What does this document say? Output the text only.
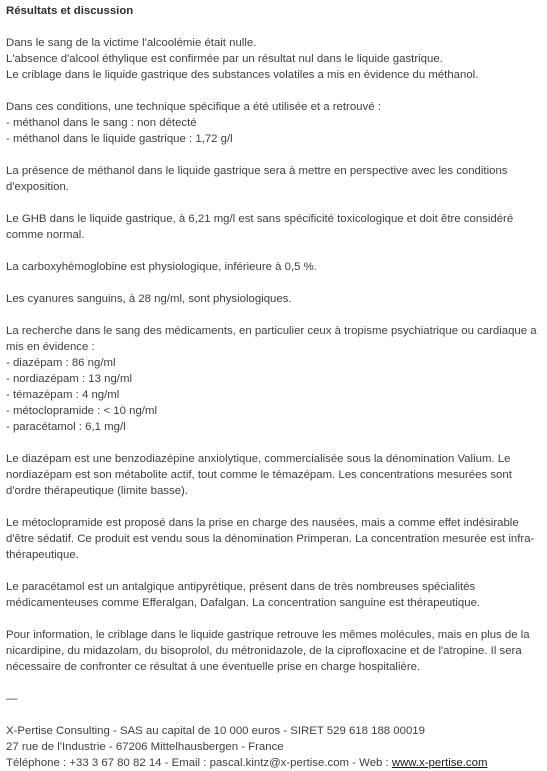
Résultats et discussion

Dans le sang de la victime l'alcoolémie était nulle.
L'absence d'alcool éthylique est confirmée par un résultat nul dans le liquide gastrique.
Le criblage dans le liquide gastrique des substances volatiles a mis en évidence du méthanol.

Dans ces conditions, une technique spécifique a été utilisée et a retrouvé :
- méthanol dans le sang : non détecté
- méthanol dans le liquide gastrique : 1,72 g/l

La présence de méthanol dans le liquide gastrique sera à mettre en perspective avec les conditions d'exposition.

Le GHB dans le liquide gastrique, à 6,21 mg/l est sans spécificité toxicologique et doit être considéré comme normal.

La carboxyhémoglobine est physiologique, inférieure à 0,5 %.

Les cyanures sanguins, à 28 ng/ml, sont physiologiques.

La recherche dans le sang des médicaments, en particulier ceux à tropisme psychiatrique ou cardiaque a mis en évidence :
- diazépam : 86 ng/ml
- nordiazépam : 13 ng/ml
- témazépam : 4 ng/ml
- métoclopramide : < 10 ng/ml
- paracétamol : 6,1 mg/l

Le diazépam est une benzodiazépine anxiolytique, commercialisée sous la dénomination Valium. Le nordiazépam est son métabolite actif, tout comme le témazépam. Les concentrations mesurées sont d'ordre thérapeutique (limite basse).

Le métoclopramide est proposé dans la prise en charge des nausées, mais a comme effet indésirable d'être sédatif. Ce produit est vendu sous la dénomination Primperan. La concentration mesurée est infra-thérapeutique.

Le paracétamol est un antalgique antipyrétique, présent dans de très nombreuses spécialités médicamenteuses comme Efferalgan, Dafalgan. La concentration sanguine est thérapeutique.

Pour information, le criblage dans le liquide gastrique retrouve les mêmes molécules, mais en plus de la nicardipine, du midazolam, du bisoprolol, du métronidazole, de la ciprofloxacine et de l'atropine. Il sera nécessaire de confronter ce résultat à une éventuelle prise en charge hospitalière.

—

X-Pertise Consulting - SAS au capital de 10 000 euros - SIRET 529 618 188 00019
27 rue de l'Industrie - 67206 Mittelhausbergen - France
Téléphone : +33 3 67 80 82 14 - Email : pascal.kintz@x-pertise.com - Web : www.x-pertise.com
